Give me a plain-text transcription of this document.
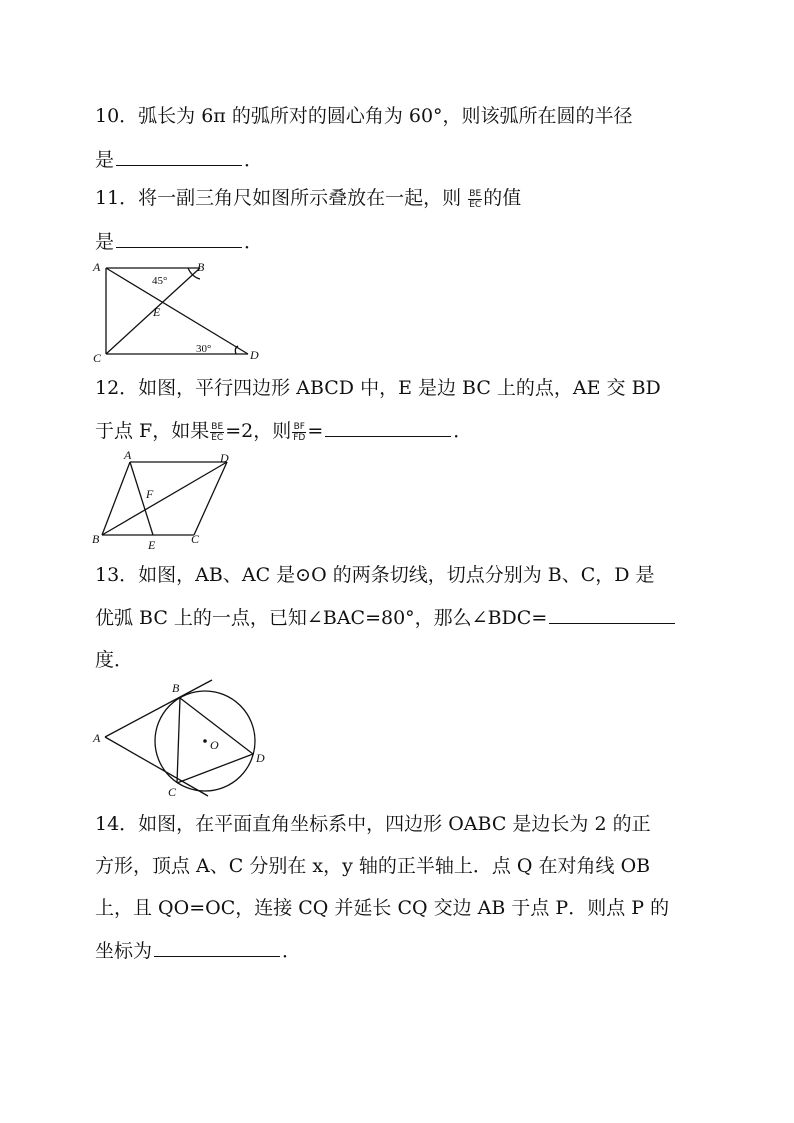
10．弧长为 6π 的弧所对的圆心角为 60°，则该弧所在圆的半径
是	．
11．将一副三角尺如图所示叠放在一起，则 $\frac{BE}{EC}$ 的值
是	．
A	B
C	D
E
45°
30°
12．如图，平行四边形 ABCD 中，E 是边 BC 上的点，AE 交 BD
于点 F，如果 $\frac{BE}{EC} =2$，则 $\frac{BF}{FD}$ =	．
A	D
B	C
E
F
13．如图，AB、AC 是⊙O 的两条切线，切点分别为 B、C，D 是
优弧 BC 上的一点，已知∠BAC=80°，那么∠BDC=
度．
A
B
C
D
O
14．如图，在平面直角坐标系中，四边形 OABC 是边长为 2 的正
方形，顶点 A、C 分别在 x，y 轴的正半轴上．点 Q 在对角线 OB
上，且 QO=OC，连接 CQ 并延长 CQ 交边 AB 于点 P．则点 P 的
坐标为	．
